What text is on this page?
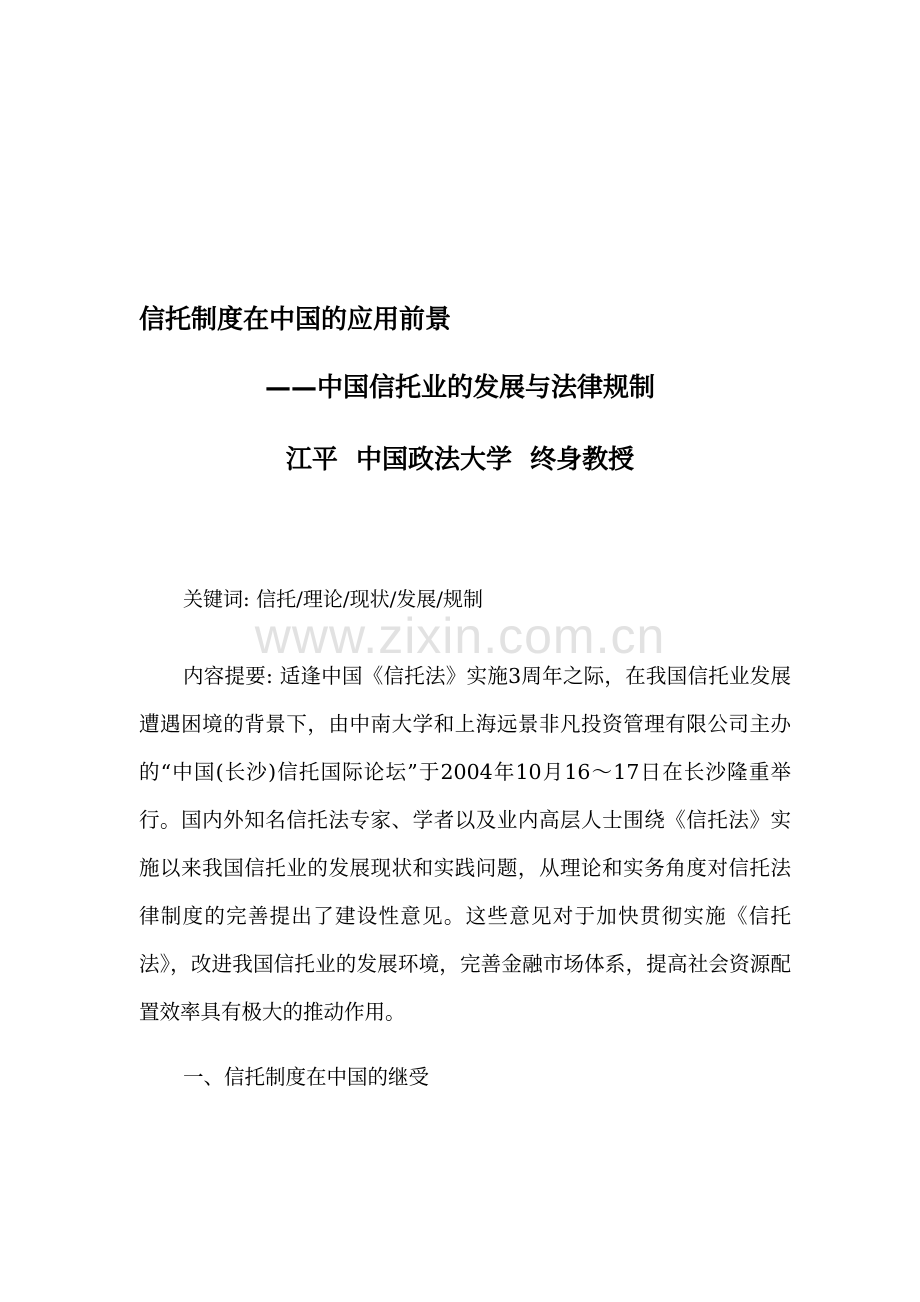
信托制度在中国的应用前景
——中国信托业的发展与法律规制
江平  中国政法大学  终身教授
关键词: 信托/理论/现状/发展/规制
www.zixin.com.cn

内容提要: 适逢中国《信托法》实施3周年之际，在我国信托业发展遭遇困境的背景下，由中南大学和上海远景非凡投资管理有限公司主办的“中国(长沙)信托国际论坛”于2004年10月16～17日在长沙隆重举行。国内外知名信托法专家、学者以及业内高层人士围绕《信托法》实施以来我国信托业的发展现状和实践问题，从理论和实务角度对信托法律制度的完善提出了建设性意见。这些意见对于加快贯彻实施《信托法》，改进我国信托业的发展环境，完善金融市场体系，提高社会资源配置效率具有极大的推动作用。

一、信托制度在中国的继受
